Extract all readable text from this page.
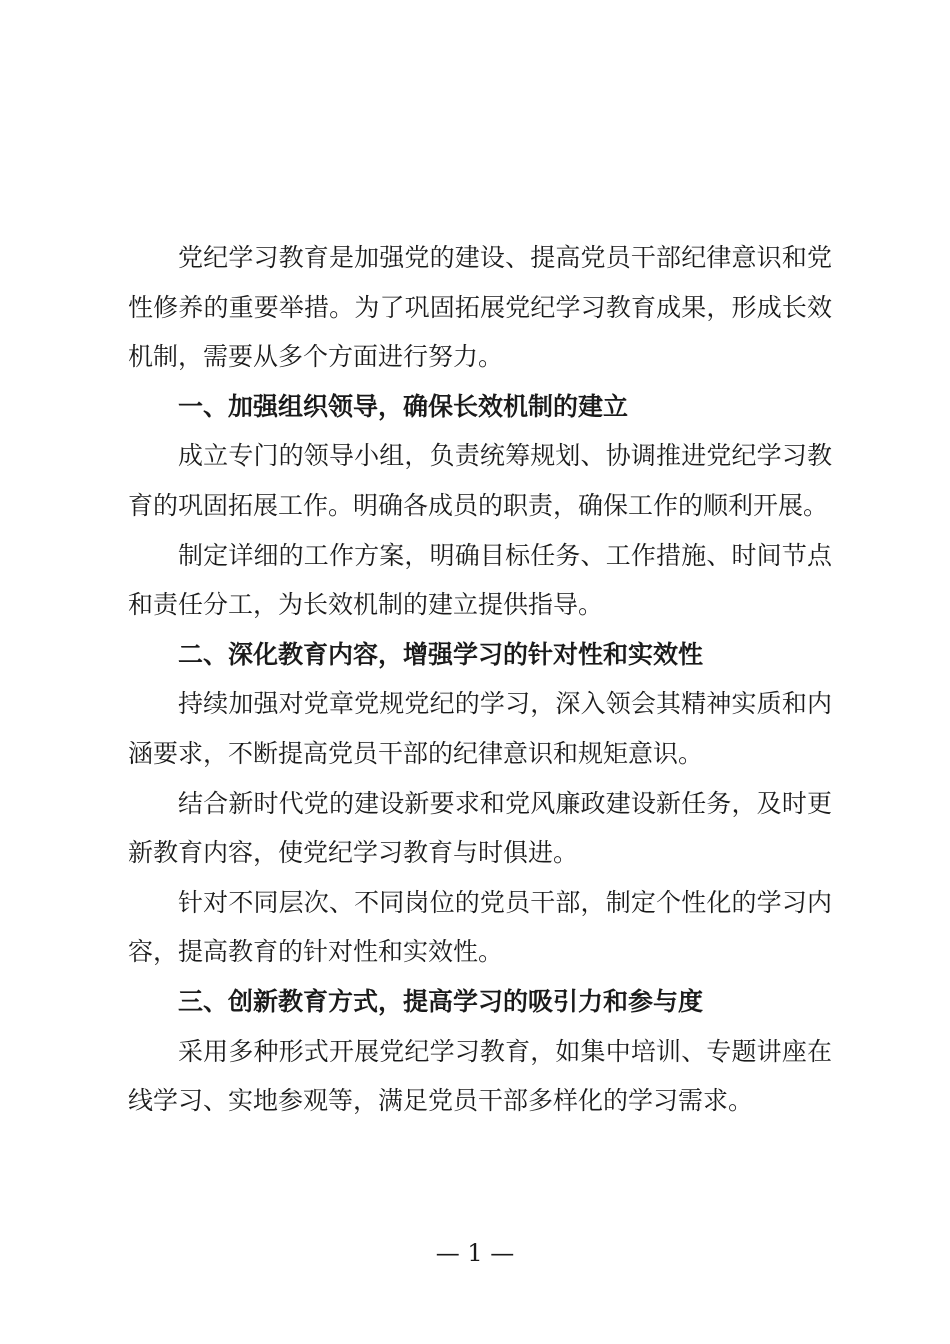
党纪学习教育是加强党的建设、提高党员干部纪律意识和党性修养的重要举措。为了巩固拓展党纪学习教育成果，形成长效机制，需要从多个方面进行努力。

一、加强组织领导，确保长效机制的建立

成立专门的领导小组，负责统筹规划、协调推进党纪学习教育的巩固拓展工作。明确各成员的职责，确保工作的顺利开展。

制定详细的工作方案，明确目标任务、工作措施、时间节点和责任分工，为长效机制的建立提供指导。

二、深化教育内容，增强学习的针对性和实效性

持续加强对党章党规党纪的学习，深入领会其精神实质和内涵要求，不断提高党员干部的纪律意识和规矩意识。

结合新时代党的建设新要求和党风廉政建设新任务，及时更新教育内容，使党纪学习教育与时俱进。

针对不同层次、不同岗位的党员干部，制定个性化的学习内容，提高教育的针对性和实效性。

三、创新教育方式，提高学习的吸引力和参与度

采用多种形式开展党纪学习教育，如集中培训、专题讲座在线学习、实地参观等，满足党员干部多样化的学习需求。

— 1 —
